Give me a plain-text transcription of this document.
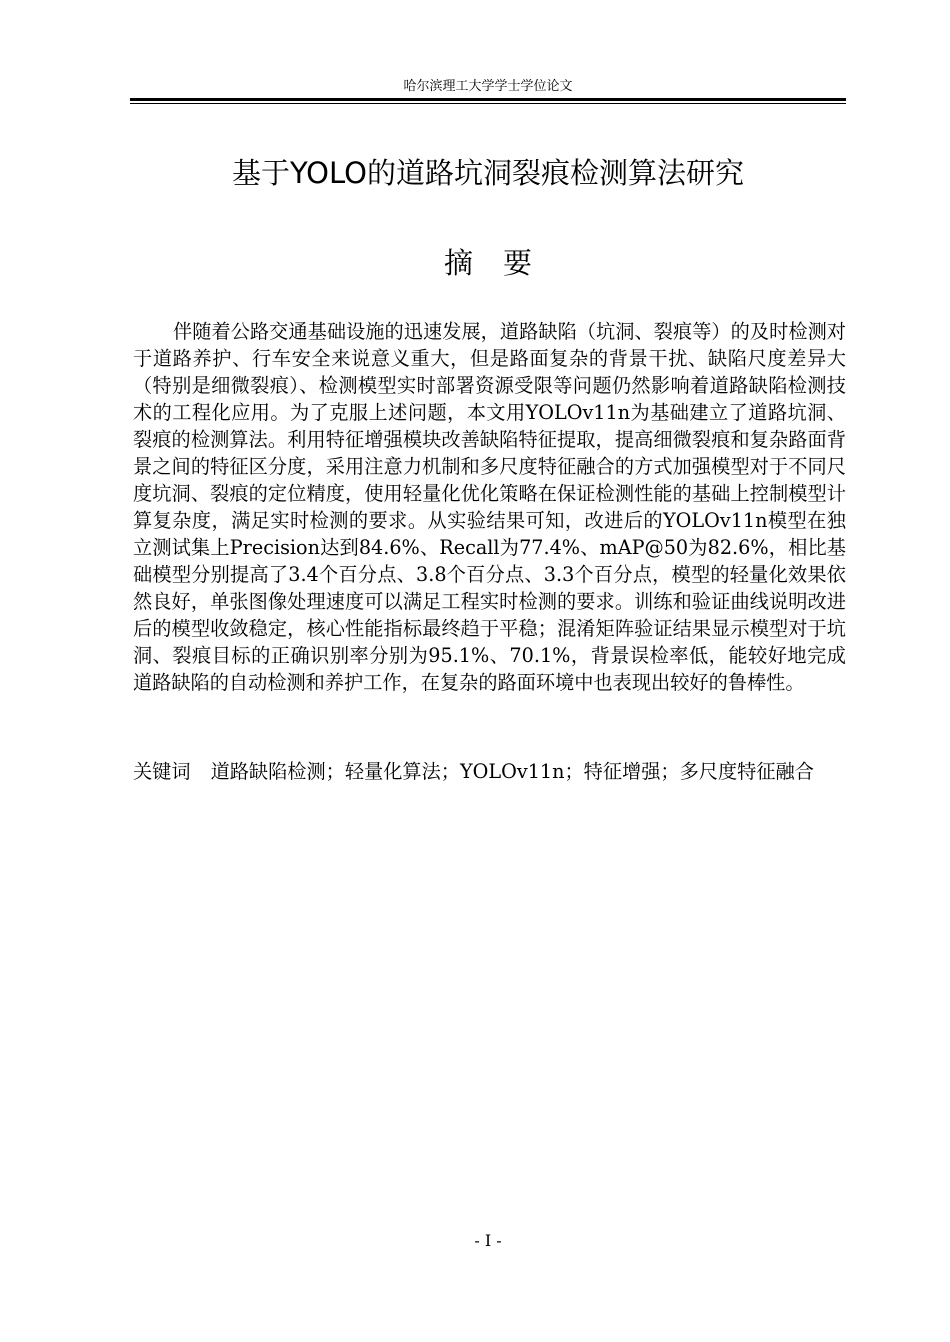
哈尔滨理工大学学士学位论文
基于YOLO的道路坑洞裂痕检测算法研究
摘要

伴随着公路交通基础设施的迅速发展，道路缺陷（坑洞、裂痕等）的及时检测对于道路养护、行车安全来说意义重大，但是路面复杂的背景干扰、缺陷尺度差异大（特别是细微裂痕）、检测模型实时部署资源受限等问题仍然影响着道路缺陷检测技术的工程化应用。为了克服上述问题，本文用YOLOv11n为基础建立了道路坑洞、裂痕的检测算法。利用特征增强模块改善缺陷特征提取，提高细微裂痕和复杂路面背景之间的特征区分度，采用注意力机制和多尺度特征融合的方式加强模型对于不同尺度坑洞、裂痕的定位精度，使用轻量化优化策略在保证检测性能的基础上控制模型计算复杂度，满足实时检测的要求。从实验结果可知，改进后的YOLOv11n模型在独立测试集上Precision达到84.6%、Recall为77.4%、mAP@50为82.6%，相比基础模型分别提高了3.4个百分点、3.8个百分点、3.3个百分点，模型的轻量化效果依然良好，单张图像处理速度可以满足工程实时检测的要求。训练和验证曲线说明改进后的模型收敛稳定，核心性能指标最终趋于平稳；混淆矩阵验证结果显示模型对于坑洞、裂痕目标的正确识别率分别为95.1%、70.1%，背景误检率低，能较好地完成道路缺陷的自动检测和养护工作，在复杂的路面环境中也表现出较好的鲁棒性。

关键词 道路缺陷检测；轻量化算法；YOLOv11n；特征增强；多尺度特征融合

- I -
